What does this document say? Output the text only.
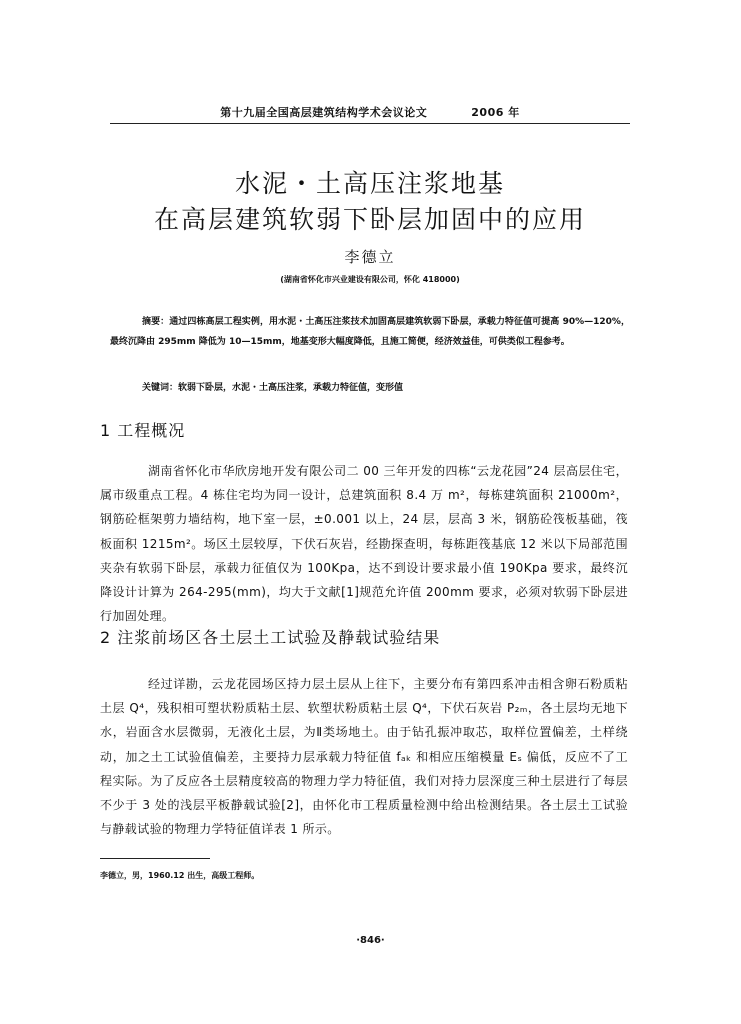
第十九届全国高层建筑结构学术会议论文	2006 年
水泥・土高压注浆地基
在高层建筑软弱下卧层加固中的应用
李德立
(湖南省怀化市兴业建设有限公司，怀化 418000)
摘要：通过四栋高层工程实例，用水泥・土高压注浆技术加固高层建筑软弱下卧层，承载力特征值可提高 90%—120%，最终沉降由 295mm 降低为 10—15mm，地基变形大幅度降低，且施工简便，经济效益佳，可供类似工程参考。
关键词：软弱下卧层，水泥・土高压注浆，承载力特征值，变形值
1 工程概况
湖南省怀化市华欣房地开发有限公司二 00 三年开发的四栋“云龙花园”24 层高层住宅，属市级重点工程。4 栋住宅均为同一设计，总建筑面积 8.4 万 m²，每栋建筑面积 21000m²，钢筋砼框架剪力墙结构，地下室一层，±0.001 以上，24 层，层高 3 米，钢筋砼筏板基础，筏板面积 1215m²。场区土层较厚，下伏石灰岩，经勘探查明，每栋距筏基底 12 米以下局部范围夹杂有软弱下卧层，承载力征值仅为 100Kpa，达不到设计要求最小值 190Kpa 要求，最终沉降设计计算为 264-295(mm)，均大于文献[1]规范允许值 200mm 要求，必须对软弱下卧层进行加固处理。
2 注浆前场区各土层土工试验及静载试验结果
经过详勘，云龙花园场区持力层土层从上往下，主要分布有第四系冲击相含卵石粉质粘土层 Q⁴，残积相可塑状粉质粘土层、软塑状粉质粘土层 Q⁴，下伏石灰岩 P₂ₘ，各土层均无地下水，岩面含水层微弱，无液化土层，为Ⅱ类场地土。由于钻孔振冲取芯，取样位置偏差，土样绕动，加之土工试验值偏差，主要持力层承载力特征值 fₐₖ 和相应压缩模量 Eₛ 偏低，反应不了工程实际。为了反应各土层精度较高的物理力学力特征值，我们对持力层深度三种土层进行了每层不少于 3 处的浅层平板静载试验[2]，由怀化市工程质量检测中给出检测结果。各土层土工试验与静载试验的物理力学特征值详表 1 所示。
李德立，男，1960.12 出生，高级工程师。
·846·
